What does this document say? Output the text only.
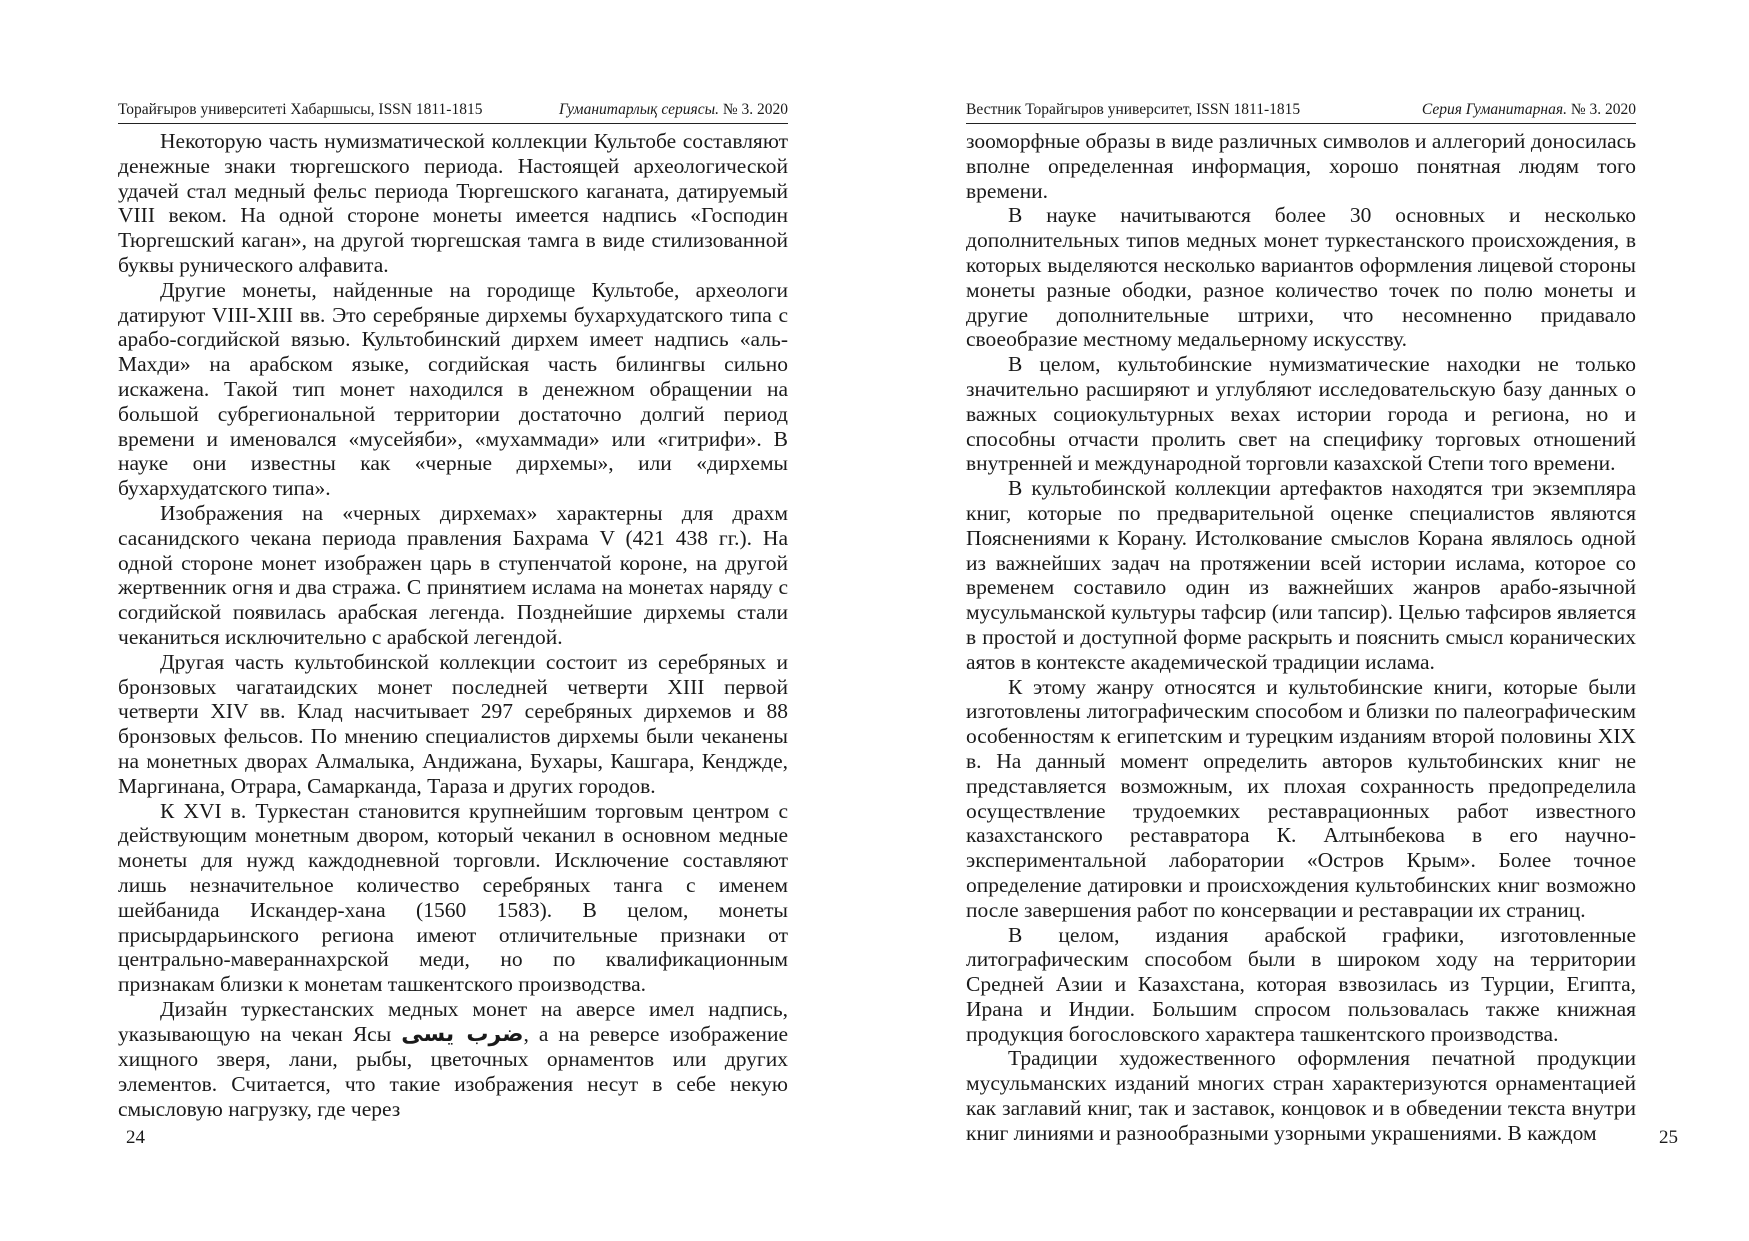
Торайғыров университеті Хабаршысы, ISSN 1811-1815	Гуманитарлық сериясы. № 3. 2020

Некоторую часть нумизматической коллекции Культобе составляют денежные знаки тюргешского периода. Настоящей археологической удачей стал медный фельс периода Тюргешского каганата, датируемый VIII веком. На одной стороне монеты имеется надпись «Господин Тюргешский каган», на другой тюргешская тамга в виде стилизованной буквы рунического алфавита.

Другие монеты, найденные на городище Культобе, археологи датируют VIII-XIII вв. Это серебряные дирхемы бухархудатского типа с арабо-согдийской вязью. Культобинский дирхем имеет надпись «аль-Махди» на арабском языке, согдийская часть билингвы сильно искажена. Такой тип монет находился в денежном обращении на большой субрегиональной территории достаточно долгий период времени и именовался «мусейяби», «мухаммади» или «гитрифи». В науке они известны как «черные дирхемы», или «дирхемы бухархудатского типа».

Изображения на «черных дирхемах» характерны для драхм сасанидского чекана периода правления Бахрама V (421 438 гг.). На одной стороне монет изображен царь в ступенчатой короне, на другой жертвенник огня и два стража. С принятием ислама на монетах наряду с согдийской появилась арабская легенда. Позднейшие дирхемы стали чеканиться исключительно с арабской легендой.

Другая часть культобинской коллекции состоит из серебряных и бронзовых чагатаидских монет последней четверти XIII первой четверти XIV вв. Клад насчитывает 297 серебряных дирхемов и 88 бронзовых фельсов. По мнению специалистов дирхемы были чеканены на монетных дворах Алмалыка, Андижана, Бухары, Кашгара, Кенджде, Маргинана, Отрара, Самарканда, Тараза и других городов.

К XVI в. Туркестан становится крупнейшим торговым центром с действующим монетным двором, который чеканил в основном медные монеты для нужд каждодневной торговли. Исключение составляют лишь незначительное количество серебряных танга с именем шейбанида Искандер-хана (1560 1583). В целом, монеты присырдарьинского региона имеют отличительные признаки от центрально-мавераннахрской меди, но по квалификационным признакам близки к монетам ташкентского производства.

Дизайн туркестанских медных монет на аверсе имел надпись, указывающую на чекан Ясы ضرب يسى, а на реверсе изображение хищного зверя, лани, рыбы, цветочных орнаментов или других элементов. Считается, что такие изображения несут в себе некую смысловую нагрузку, где через

24
Вестник Торайгыров университет, ISSN 1811-1815	Серия Гуманитарная. № 3. 2020

зооморфные образы в виде различных символов и аллегорий доносилась вполне определенная информация, хорошо понятная людям того времени.

В науке начитываются более 30 основных и несколько дополнительных типов медных монет туркестанского происхождения, в которых выделяются несколько вариантов оформления лицевой стороны монеты разные ободки, разное количество точек по полю монеты и другие дополнительные штрихи, что несомненно придавало своеобразие местному медальерному искусству.

В целом, культобинские нумизматические находки не только значительно расширяют и углубляют исследовательскую базу данных о важных социокультурных вехах истории города и региона, но и способны отчасти пролить свет на специфику торговых отношений внутренней и международной торговли казахской Степи того времени.

В культобинской коллекции артефактов находятся три экземпляра книг, которые по предварительной оценке специалистов являются Пояснениями к Корану. Истолкование смыслов Корана являлось одной из важнейших задач на протяжении всей истории ислама, которое со временем составило один из важнейших жанров арабо-язычной мусульманской культуры тафсир (или тапсир). Целью тафсиров является в простой и доступной форме раскрыть и пояснить смысл коранических аятов в контексте академической традиции ислама.

К этому жанру относятся и культобинские книги, которые были изготовлены литографическим способом и близки по палеографическим особенностям к египетским и турецким изданиям второй половины XIX в. На данный момент определить авторов культобинских книг не представляется возможным, их плохая сохранность предопределила осуществление трудоемких реставрационных работ известного казахстанского реставратора К. Алтынбекова в его научно-экспериментальной лаборатории «Остров Крым». Более точное определение датировки и происхождения культобинских книг возможно после завершения работ по консервации и реставрации их страниц.

В целом, издания арабской графики, изготовленные литографическим способом были в широком ходу на территории Средней Азии и Казахстана, которая взвозилась из Турции, Египта, Ирана и Индии. Большим спросом пользовалась также книжная продукция богословского характера ташкентского производства.

Традиции художественного оформления печатной продукции мусульманских изданий многих стран характеризуются орнаментацией как заглавий книг, так и заставок, концовок и в обведении текста внутри книг линиями и разнообразными узорными украшениями. В каждом	25
